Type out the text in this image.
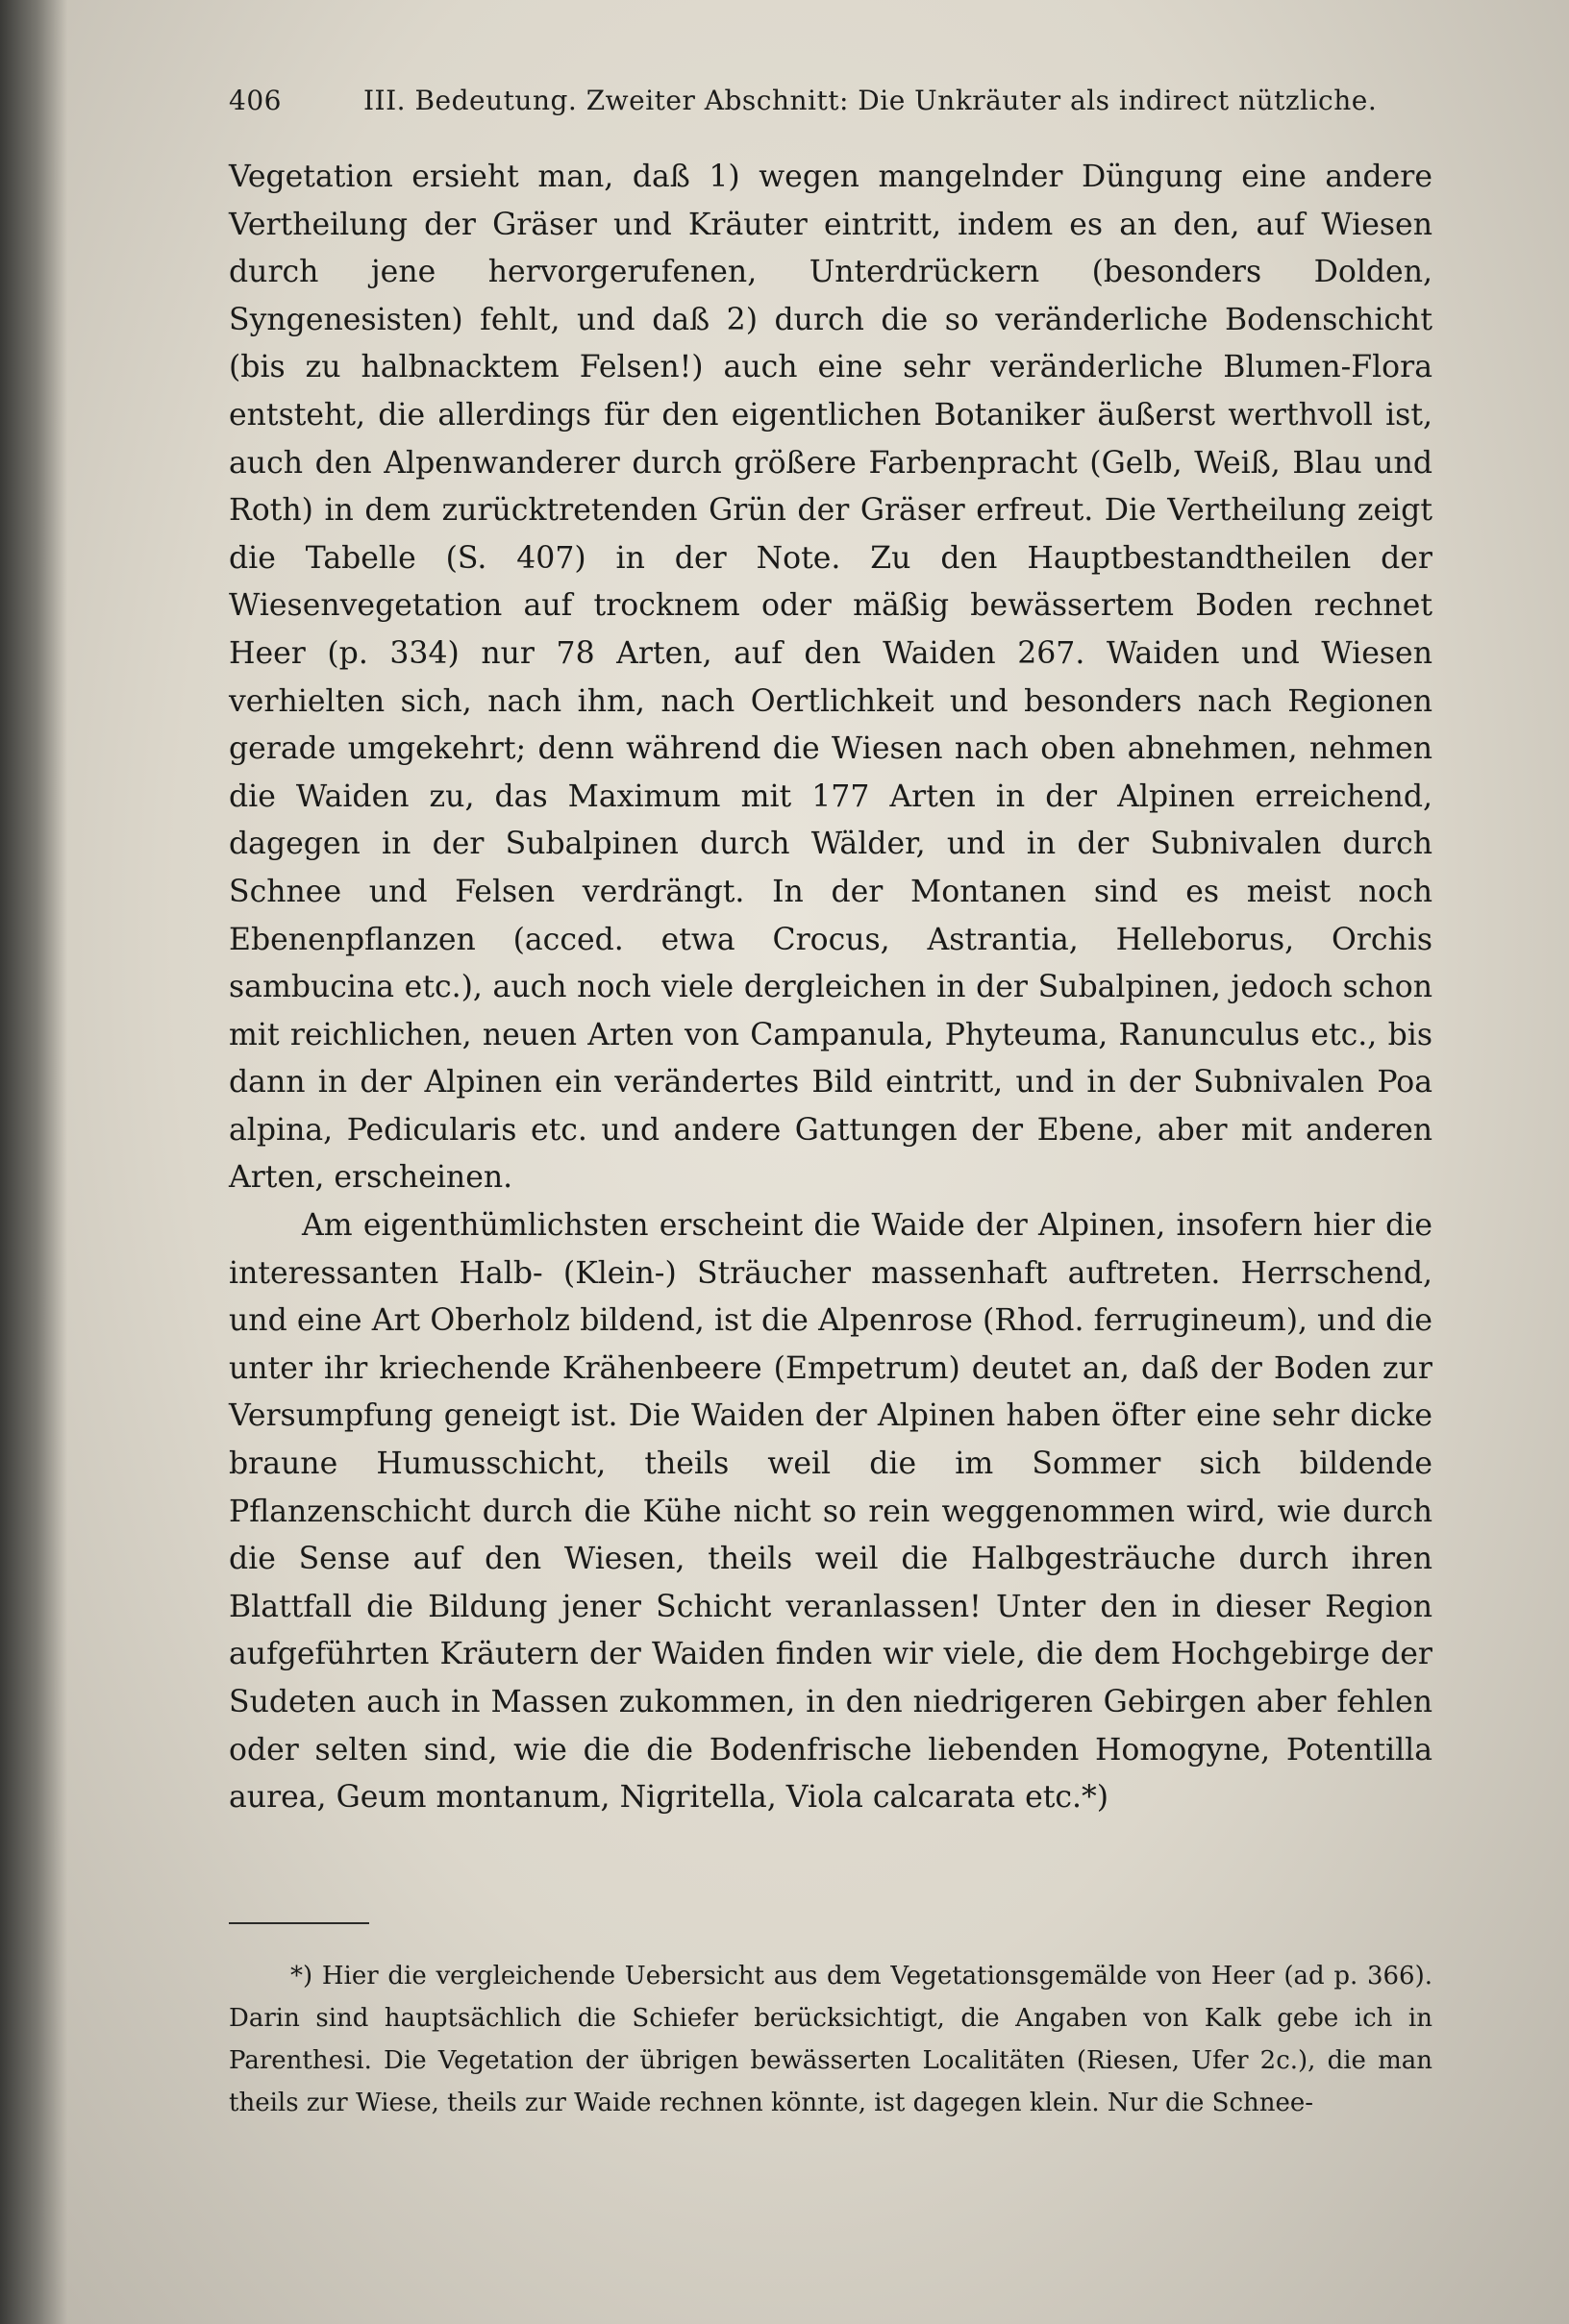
406	III. Bedeutung. Zweiter Abschnitt: Die Unkräuter als indirect nützliche.

Vegetation ersieht man, daß 1) wegen mangelnder Düngung eine andere Vertheilung der Gräser und Kräuter eintritt, indem es an den, auf Wiesen durch jene hervorgerufenen, Unterdrückern (besonders Dolden, Syngenesisten) fehlt, und daß 2) durch die so veränderliche Bodenschicht (bis zu halbnacktem Felsen!) auch eine sehr veränderliche Blumen-Flora entsteht, die allerdings für den eigentlichen Botaniker äußerst werthvoll ist, auch den Alpenwanderer durch größere Farbenpracht (Gelb, Weiß, Blau und Roth) in dem zurücktretenden Grün der Gräser erfreut. Die Vertheilung zeigt die Tabelle (S. 407) in der Note. Zu den Hauptbestandtheilen der Wiesenvegetation auf trocknem oder mäßig bewässertem Boden rechnet Heer (p. 334) nur 78 Arten, auf den Waiden 267. Waiden und Wiesen verhielten sich, nach ihm, nach Oertlichkeit und besonders nach Regionen gerade umgekehrt; denn während die Wiesen nach oben abnehmen, nehmen die Waiden zu, das Maximum mit 177 Arten in der Alpinen erreichend, dagegen in der Subalpinen durch Wälder, und in der Subnivalen durch Schnee und Felsen verdrängt. In der Montanen sind es meist noch Ebenenpflanzen (acced. etwa Crocus, Astrantia, Helleborus, Orchis sambucina etc.), auch noch viele dergleichen in der Subalpinen, jedoch schon mit reichlichen, neuen Arten von Campanula, Phyteuma, Ranunculus etc., bis dann in der Alpinen ein verändertes Bild eintritt, und in der Subnivalen Poa alpina, Pedicularis etc. und andere Gattungen der Ebene, aber mit anderen Arten, erscheinen.

Am eigenthümlichsten erscheint die Waide der Alpinen, insofern hier die interessanten Halb- (Klein-) Sträucher massenhaft auftreten. Herrschend, und eine Art Oberholz bildend, ist die Alpenrose (Rhod. ferrugineum), und die unter ihr kriechende Krähenbeere (Empetrum) deutet an, daß der Boden zur Versumpfung geneigt ist. Die Waiden der Alpinen haben öfter eine sehr dicke braune Humusschicht, theils weil die im Sommer sich bildende Pflanzenschicht durch die Kühe nicht so rein weggenommen wird, wie durch die Sense auf den Wiesen, theils weil die Halbgesträuche durch ihren Blattfall die Bildung jener Schicht veranlassen! Unter den in dieser Region aufgeführten Kräutern der Waiden finden wir viele, die dem Hochgebirge der Sudeten auch in Massen zukommen, in den niedrigeren Gebirgen aber fehlen oder selten sind, wie die die Bodenfrische liebenden Homogyne, Potentilla aurea, Geum montanum, Nigritella, Viola calcarata etc.*)

*) Hier die vergleichende Uebersicht aus dem Vegetationsgemälde von Heer (ad p. 366). Darin sind hauptsächlich die Schiefer berücksichtigt, die Angaben von Kalk gebe ich in Parenthesi. Die Vegetation der übrigen bewässerten Localitäten (Riesen, Ufer 2c.), die man theils zur Wiese, theils zur Waide rechnen könnte, ist dagegen klein. Nur die Schnee-
